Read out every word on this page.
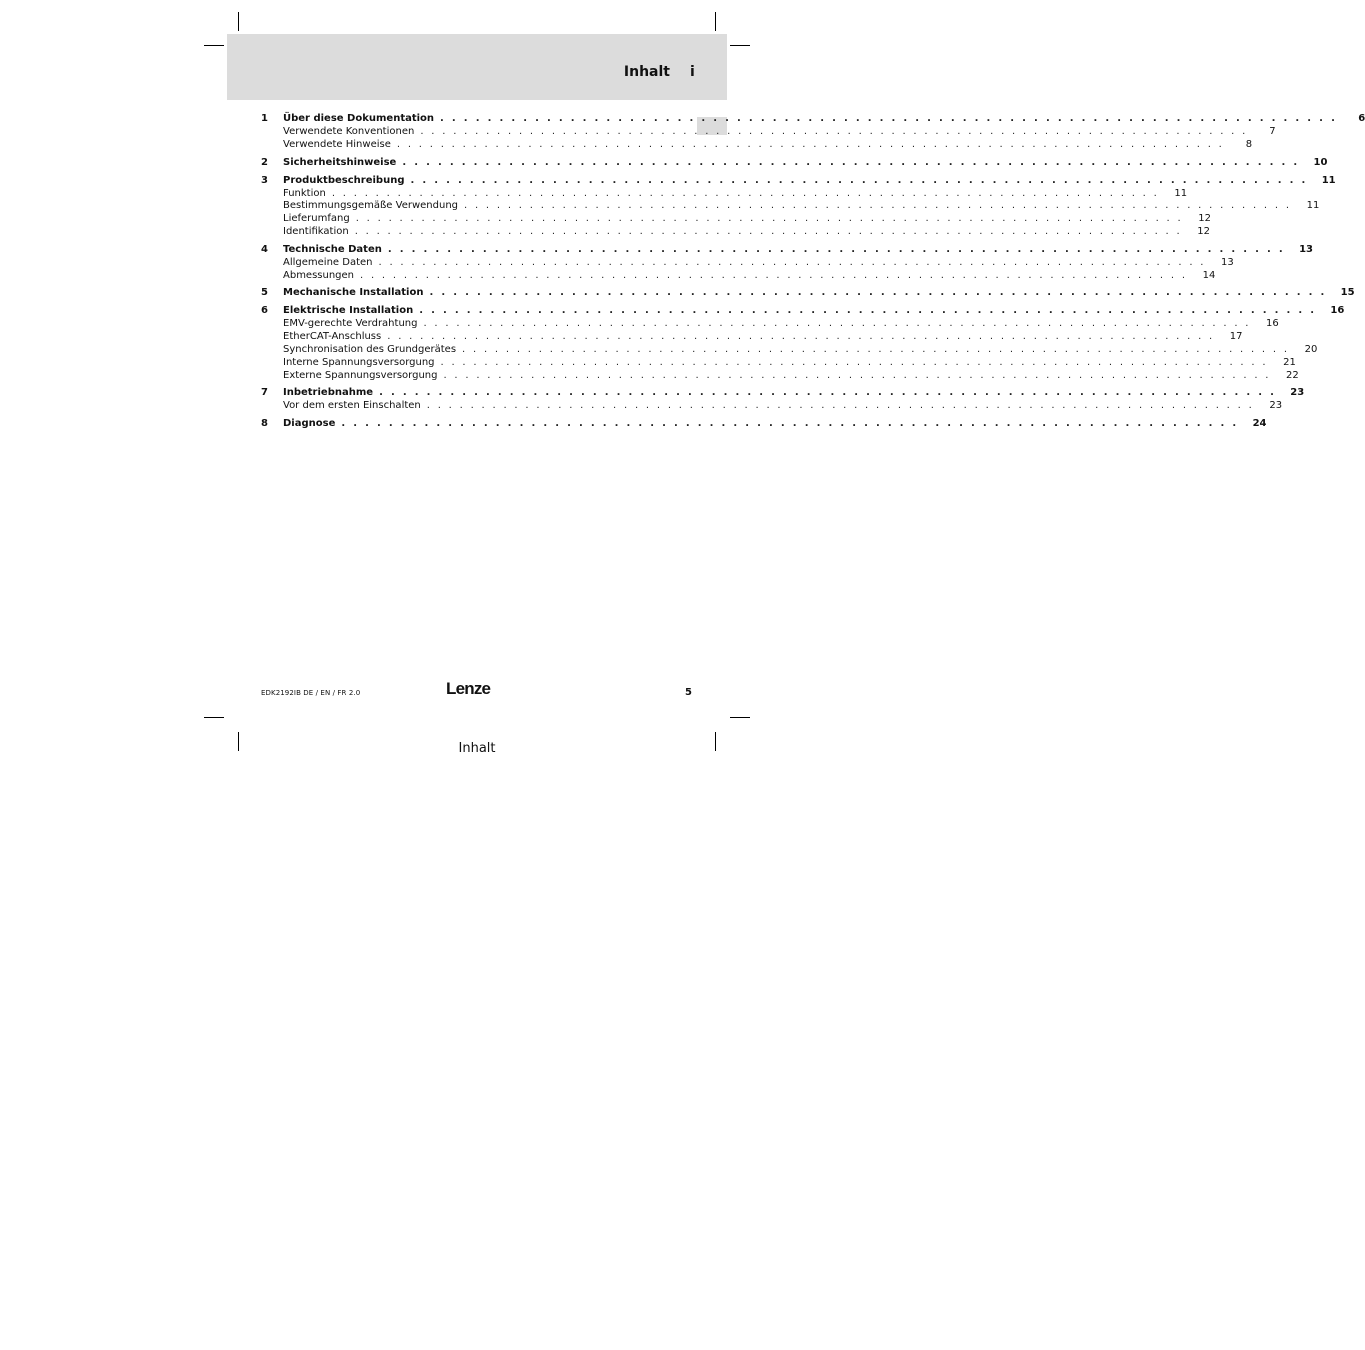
Inhalt i
1	Über diese Dokumentation . . . . . . . . . . . . . . . . . . . . . . . . . . . . . . . . . . . . . . . . . . . . . . . . . . . . . . . . . . . . . . . . . . . . . . . . . . . .	6
Verwendete Konventionen . . . . . . . . . . . . . . . . . . . . . . . . . . . . . . . . . . . . . . . . . . . . . . . . . . . . . . . . . . . . . . . . . . . . . . . . . . . .	7
Verwendete Hinweise . . . . . . . . . . . . . . . . . . . . . . . . . . . . . . . . . . . . . . . . . . . . . . . . . . . . . . . . . . . . . . . . . . . . . . . . . . . .	8
2	Sicherheitshinweise . . . . . . . . . . . . . . . . . . . . . . . . . . . . . . . . . . . . . . . . . . . . . . . . . . . . . . . . . . . . . . . . . . . . . . . . . . . .	10
3	Produktbeschreibung . . . . . . . . . . . . . . . . . . . . . . . . . . . . . . . . . . . . . . . . . . . . . . . . . . . . . . . . . . . . . . . . . . . . . . . . . . . .	11
Funktion . . . . . . . . . . . . . . . . . . . . . . . . . . . . . . . . . . . . . . . . . . . . . . . . . . . . . . . . . . . . . . . . . . . . . . . . . . . .	11
Bestimmungsgemäße Verwendung . . . . . . . . . . . . . . . . . . . . . . . . . . . . . . . . . . . . . . . . . . . . . . . . . . . . . . . . . . . . . . . . . . . . . . . . . . . .	11
Lieferumfang . . . . . . . . . . . . . . . . . . . . . . . . . . . . . . . . . . . . . . . . . . . . . . . . . . . . . . . . . . . . . . . . . . . . . . . . . . . .	12
Identifikation . . . . . . . . . . . . . . . . . . . . . . . . . . . . . . . . . . . . . . . . . . . . . . . . . . . . . . . . . . . . . . . . . . . . . . . . . . . .	12
4	Technische Daten . . . . . . . . . . . . . . . . . . . . . . . . . . . . . . . . . . . . . . . . . . . . . . . . . . . . . . . . . . . . . . . . . . . . . . . . . . . .	13
Allgemeine Daten . . . . . . . . . . . . . . . . . . . . . . . . . . . . . . . . . . . . . . . . . . . . . . . . . . . . . . . . . . . . . . . . . . . . . . . . . . . .	13
Abmessungen . . . . . . . . . . . . . . . . . . . . . . . . . . . . . . . . . . . . . . . . . . . . . . . . . . . . . . . . . . . . . . . . . . . . . . . . . . . .	14
5	Mechanische Installation . . . . . . . . . . . . . . . . . . . . . . . . . . . . . . . . . . . . . . . . . . . . . . . . . . . . . . . . . . . . . . . . . . . . . . . . . . . .	15
6	Elektrische Installation . . . . . . . . . . . . . . . . . . . . . . . . . . . . . . . . . . . . . . . . . . . . . . . . . . . . . . . . . . . . . . . . . . . . . . . . . . . .	16
EMV-gerechte Verdrahtung . . . . . . . . . . . . . . . . . . . . . . . . . . . . . . . . . . . . . . . . . . . . . . . . . . . . . . . . . . . . . . . . . . . . . . . . . . . .	16
EtherCAT-Anschluss . . . . . . . . . . . . . . . . . . . . . . . . . . . . . . . . . . . . . . . . . . . . . . . . . . . . . . . . . . . . . . . . . . . . . . . . . . . .	17
Synchronisation des Grundgerätes . . . . . . . . . . . . . . . . . . . . . . . . . . . . . . . . . . . . . . . . . . . . . . . . . . . . . . . . . . . . . . . . . . . . . . . . . . . .	20
Interne Spannungsversorgung . . . . . . . . . . . . . . . . . . . . . . . . . . . . . . . . . . . . . . . . . . . . . . . . . . . . . . . . . . . . . . . . . . . . . . . . . . . .	21
Externe Spannungsversorgung . . . . . . . . . . . . . . . . . . . . . . . . . . . . . . . . . . . . . . . . . . . . . . . . . . . . . . . . . . . . . . . . . . . . . . . . . . . .	22
7	Inbetriebnahme . . . . . . . . . . . . . . . . . . . . . . . . . . . . . . . . . . . . . . . . . . . . . . . . . . . . . . . . . . . . . . . . . . . . . . . . . . . .	23
Vor dem ersten Einschalten . . . . . . . . . . . . . . . . . . . . . . . . . . . . . . . . . . . . . . . . . . . . . . . . . . . . . . . . . . . . . . . . . . . . . . . . . . . .	23
8	Diagnose . . . . . . . . . . . . . . . . . . . . . . . . . . . . . . . . . . . . . . . . . . . . . . . . . . . . . . . . . . . . . . . . . . . . . . . . . . . .	24
EDK2192IB DE / EN / FR 2.0	Lenze	5
Inhalt
